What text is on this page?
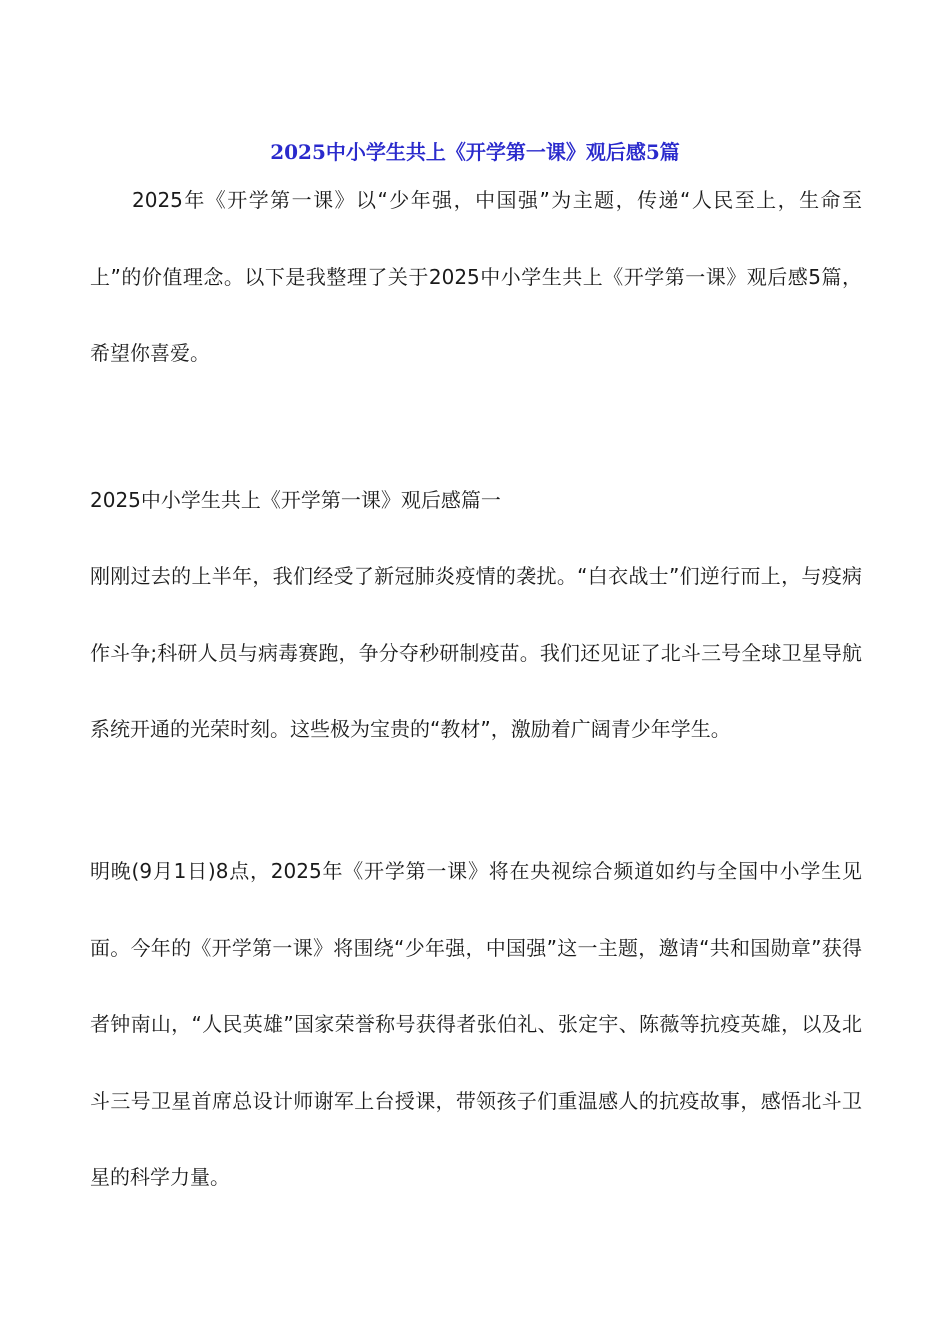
2025中小学生共上《开学第一课》观后感5篇

2025年《开学第一课》以“少年强，中国强”为主题，传递“人民至上，生命至上”的价值理念。以下是我整理了关于2025中小学生共上《开学第一课》观后感5篇，希望你喜爱。

2025中小学生共上《开学第一课》观后感篇一

刚刚过去的上半年，我们经受了新冠肺炎疫情的袭扰。“白衣战士”们逆行而上，与疫病作斗争;科研人员与病毒赛跑，争分夺秒研制疫苗。我们还见证了北斗三号全球卫星导航系统开通的光荣时刻。这些极为宝贵的“教材”，激励着广阔青少年学生。

明晚(9月1日)8点，2025年《开学第一课》将在央视综合频道如约与全国中小学生见面。今年的《开学第一课》将围绕“少年强，中国强”这一主题，邀请“共和国勋章”获得者钟南山，“人民英雄”国家荣誉称号获得者张伯礼、张定宇、陈薇等抗疫英雄，以及北斗三号卫星首席总设计师谢军上台授课，带领孩子们重温感人的抗疫故事，感悟北斗卫星的科学力量。
